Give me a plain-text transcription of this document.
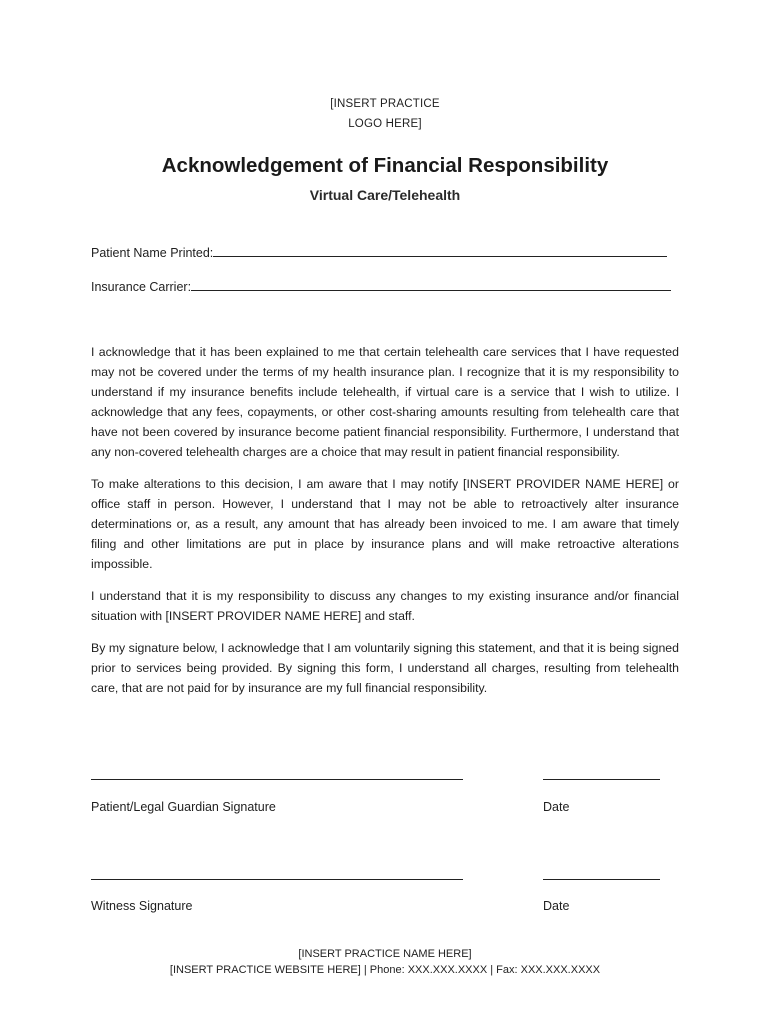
[INSERT PRACTICE
LOGO HERE]
Acknowledgement of Financial Responsibility
Virtual Care/Telehealth
Patient Name Printed:
Insurance Carrier:

I acknowledge that it has been explained to me that certain telehealth care services that I have requested may not be covered under the terms of my health insurance plan. I recognize that it is my responsibility to understand if my insurance benefits include telehealth, if virtual care is a service that I wish to utilize. I acknowledge that any fees, copayments, or other cost-sharing amounts resulting from telehealth care that have not been covered by insurance become patient financial responsibility. Furthermore, I understand that any non-covered telehealth charges are a choice that may result in patient financial responsibility.

To make alterations to this decision, I am aware that I may notify [INSERT PROVIDER NAME HERE] or office staff in person. However, I understand that I may not be able to retroactively alter insurance determinations or, as a result, any amount that has already been invoiced to me. I am aware that timely filing and other limitations are put in place by insurance plans and will make retroactive alterations impossible.

I understand that it is my responsibility to discuss any changes to my existing insurance and/or financial situation with [INSERT PROVIDER NAME HERE] and staff.

By my signature below, I acknowledge that I am voluntarily signing this statement, and that it is being signed prior to services being provided. By signing this form, I understand all charges, resulting from telehealth care, that are not paid for by insurance are my full financial responsibility.

Patient/Legal Guardian Signature	Date
Witness Signature	Date
[INSERT PRACTICE NAME HERE]
[INSERT PRACTICE WEBSITE HERE] | Phone: XXX.XXX.XXXX | Fax: XXX.XXX.XXXX
